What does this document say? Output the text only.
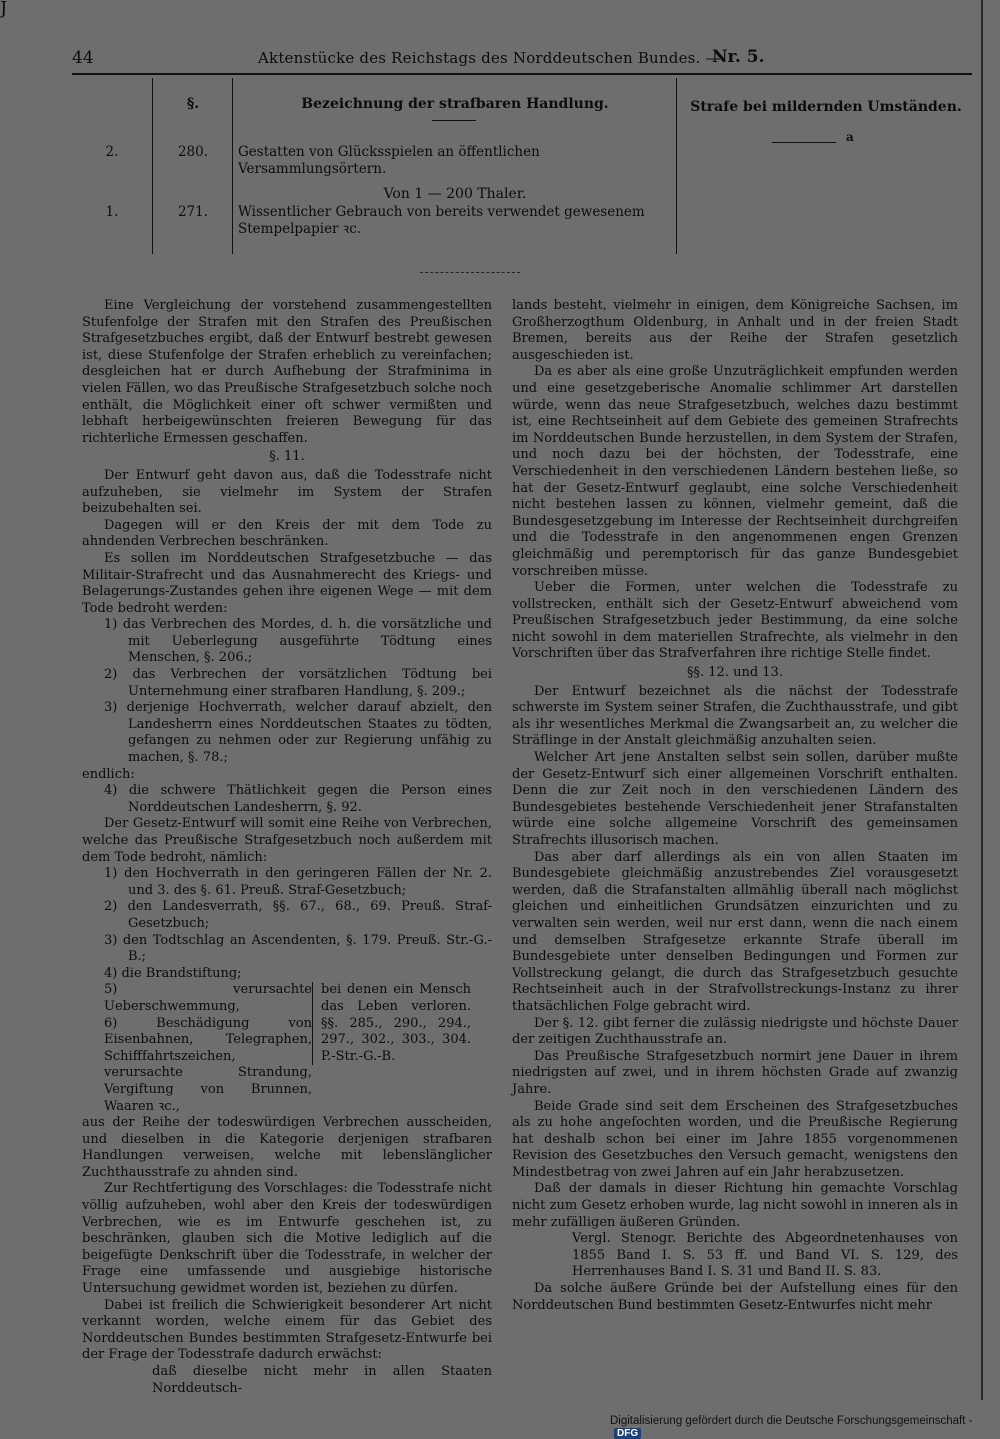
J
44	Aktenstücke des Reichstags des Norddeutschen Bundes. —
Nr. 5.
§.	Bezeichnung der strafbaren Handlung.	Strafe bei mildernden Umständen.
a
2.	280.	Gestatten von Glücksspielen an öffentlichen Versammlungsörtern.
Von 1 — 200 Thaler.
1.	271.	Wissentlicher Gebrauch von bereits verwendet gewesenem Stempelpapier ꝛc.

Eine Vergleichung der vorstehend zusammengestellten Stufenfolge der Strafen mit den Strafen des Preußischen Strafgesetzbuches ergibt, daß der Entwurf bestrebt gewesen ist, diese Stufenfolge der Strafen erheblich zu vereinfachen; desgleichen hat er durch Aufhebung der Strafminima in vielen Fällen, wo das Preußische Strafgesetzbuch solche noch enthält, die Möglichkeit einer oft schwer vermißten und lebhaft herbeigewünschten freieren Bewegung für das richterliche Ermessen geschaffen.

§. 11.

Der Entwurf geht davon aus, daß die Todesstrafe nicht aufzuheben, sie vielmehr im System der Strafen beizubehalten sei.

Dagegen will er den Kreis der mit dem Tode zu ahndenden Verbrechen beschränken.

Es sollen im Norddeutschen Strafgesetzbuche — das Militair-Strafrecht und das Ausnahmerecht des Kriegs- und Belagerungs-Zustandes gehen ihre eigenen Wege — mit dem Tode bedroht werden:

1) das Verbrechen des Mordes, d. h. die vorsätzliche und mit Ueberlegung ausgeführte Tödtung eines Menschen, §. 206.;

2) das Verbrechen der vorsätzlichen Tödtung bei Unternehmung einer strafbaren Handlung, §. 209.;

3) derjenige Hochverrath, welcher darauf abzielt, den Landesherrn eines Norddeutschen Staates zu tödten, gefangen zu nehmen oder zur Regierung unfähig zu machen, §. 78.;

endlich:

4) die schwere Thätlichkeit gegen die Person eines Norddeutschen Landesherrn, §. 92.

Der Gesetz-Entwurf will somit eine Reihe von Verbrechen, welche das Preußische Strafgesetzbuch noch außerdem mit dem Tode bedroht, nämlich:

1) den Hochverrath in den geringeren Fällen der Nr. 2. und 3. des §. 61. Preuß. Straf-Gesetzbuch;

2) den Landesverrath, §§. 67., 68., 69. Preuß. Straf-Gesetzbuch;

3) den Todtschlag an Ascendenten, §. 179. Preuß. Str.-G.-B.;

4) die Brandstiftung;

5) verursachte Ueberschwemmung,

6) Beschädigung von Eisenbahnen, Telegraphen, Schifffahrtszeichen, verursachte Strandung, Vergiftung von Brunnen, Waaren ꝛc.,

bei denen ein Mensch das Leben verloren. §§. 285., 290., 294., 297., 302., 303., 304. P.-Str.-G.-B.

aus der Reihe der todeswürdigen Verbrechen ausscheiden, und dieselben in die Kategorie derjenigen strafbaren Handlungen verweisen, welche mit lebenslänglicher Zuchthausstrafe zu ahnden sind.

Zur Rechtfertigung des Vorschlages: die Todesstrafe nicht völlig aufzuheben, wohl aber den Kreis der todeswürdigen Verbrechen, wie es im Entwurfe geschehen ist, zu beschränken, glauben sich die Motive lediglich auf die beigefügte Denkschrift über die Todesstrafe, in welcher der Frage eine umfassende und ausgiebige historische Untersuchung gewidmet worden ist, beziehen zu dürfen.

Dabei ist freilich die Schwierigkeit besonderer Art nicht verkannt worden, welche einem für das Gebiet des Norddeutschen Bundes bestimmten Strafgesetz-Entwurfe bei der Frage der Todesstrafe dadurch erwächst:

daß dieselbe nicht mehr in allen Staaten Norddeutsch-

lands besteht, vielmehr in einigen, dem Königreiche Sachsen, im Großherzogthum Oldenburg, in Anhalt und in der freien Stadt Bremen, bereits aus der Reihe der Strafen gesetzlich ausgeschieden ist.

Da es aber als eine große Unzuträglichkeit empfunden werden und eine gesetzgeberische Anomalie schlimmer Art darstellen würde, wenn das neue Strafgesetzbuch, welches dazu bestimmt ist, eine Rechtseinheit auf dem Gebiete des gemeinen Strafrechts im Norddeutschen Bunde herzustellen, in dem System der Strafen, und noch dazu bei der höchsten, der Todesstrafe, eine Verschiedenheit in den verschiedenen Ländern bestehen ließe, so hat der Gesetz-Entwurf geglaubt, eine solche Verschiedenheit nicht bestehen lassen zu können, vielmehr gemeint, daß die Bundesgesetzgebung im Interesse der Rechtseinheit durchgreifen und die Todesstrafe in den angenommenen engen Grenzen gleichmäßig und peremptorisch für das ganze Bundesgebiet vorschreiben müsse.

Ueber die Formen, unter welchen die Todesstrafe zu vollstrecken, enthält sich der Gesetz-Entwurf abweichend vom Preußischen Strafgesetzbuch jeder Bestimmung, da eine solche nicht sowohl in dem materiellen Strafrechte, als vielmehr in den Vorschriften über das Strafverfahren ihre richtige Stelle findet.

§§. 12. und 13.

Der Entwurf bezeichnet als die nächst der Todesstrafe schwerste im System seiner Strafen, die Zuchthausstrafe, und gibt als ihr wesentliches Merkmal die Zwangsarbeit an, zu welcher die Sträflinge in der Anstalt gleichmäßig anzuhalten seien.

Welcher Art jene Anstalten selbst sein sollen, darüber mußte der Gesetz-Entwurf sich einer allgemeinen Vorschrift enthalten. Denn die zur Zeit noch in den verschiedenen Ländern des Bundesgebietes bestehende Verschiedenheit jener Strafanstalten würde eine solche allgemeine Vorschrift des gemeinsamen Strafrechts illusorisch machen.

Das aber darf allerdings als ein von allen Staaten im Bundesgebiete gleichmäßig anzustrebendes Ziel vorausgesetzt werden, daß die Strafanstalten allmählig überall nach möglichst gleichen und einheitlichen Grundsätzen einzurichten und zu verwalten sein werden, weil nur erst dann, wenn die nach einem und demselben Strafgesetze erkannte Strafe überall im Bundesgebiete unter denselben Bedingungen und Formen zur Vollstreckung gelangt, die durch das Strafgesetzbuch gesuchte Rechtseinheit auch in der Strafvollstreckungs-Instanz zu ihrer thatsächlichen Folge gebracht wird.

Der §. 12. gibt ferner die zulässig niedrigste und höchste Dauer der zeitigen Zuchthausstrafe an.

Das Preußische Strafgesetzbuch normirt jene Dauer in ihrem niedrigsten auf zwei, und in ihrem höchsten Grade auf zwanzig Jahre.

Beide Grade sind seit dem Erscheinen des Strafgesetzbuches als zu hohe angefochten worden, und die Preußische Regierung hat deshalb schon bei einer im Jahre 1855 vorgenommenen Revision des Gesetzbuches den Versuch gemacht, wenigstens den Mindestbetrag von zwei Jahren auf ein Jahr herabzusetzen.

Daß der damals in dieser Richtung hin gemachte Vorschlag nicht zum Gesetz erhoben wurde, lag nicht sowohl in inneren als in mehr zufälligen äußeren Gründen.

Vergl. Stenogr. Berichte des Abgeordnetenhauses von 1855 Band I. S. 53 ff. und Band VI. S. 129, des Herrenhauses Band I. S. 31 und Band II. S. 83.

Da solche äußere Gründe bei der Aufstellung eines für den Norddeutschen Bund bestimmten Gesetz-Entwurfes nicht mehr

Digitalisierung gefördert durch die Deutsche Forschungsgemeinschaft -DFG
